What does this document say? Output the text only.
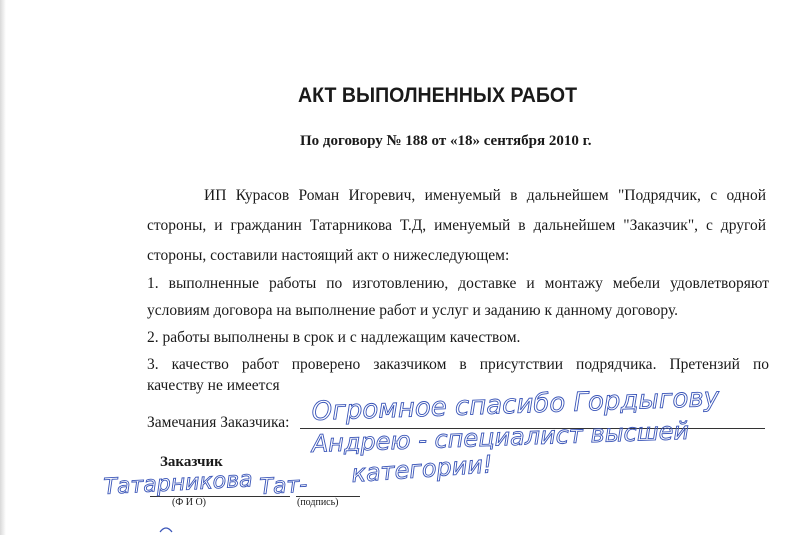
АКТ ВЫПОЛНЕННЫХ РАБОТ
По договору № 188 от «18» сентября 2010 г.
ИП Курасов Роман Игоревич, именуемый в дальнейшем "Подрядчик, с одной
стороны, и гражданин Татарникова Т.Д, именуемый в дальнейшем "Заказчик", с другой
стороны, составили настоящий акт о нижеследующем:
1. выполненные работы по изготовлению, доставке и монтажу мебели удовлетворяют
условиям договора на выполнение работ и услуг и заданию к данному договору.
2. работы выполнены в срок и с надлежащим качеством.
3. качество работ проверено заказчиком в присутствии подрядчика. Претензий по
качеству не имеется
Замечания Заказчика:
Заказчик
(Ф И О)	(подпись)
Огромное спасибо Гордыгову
Андрею - специалист высшей
категории!
Татарникова Тат-
